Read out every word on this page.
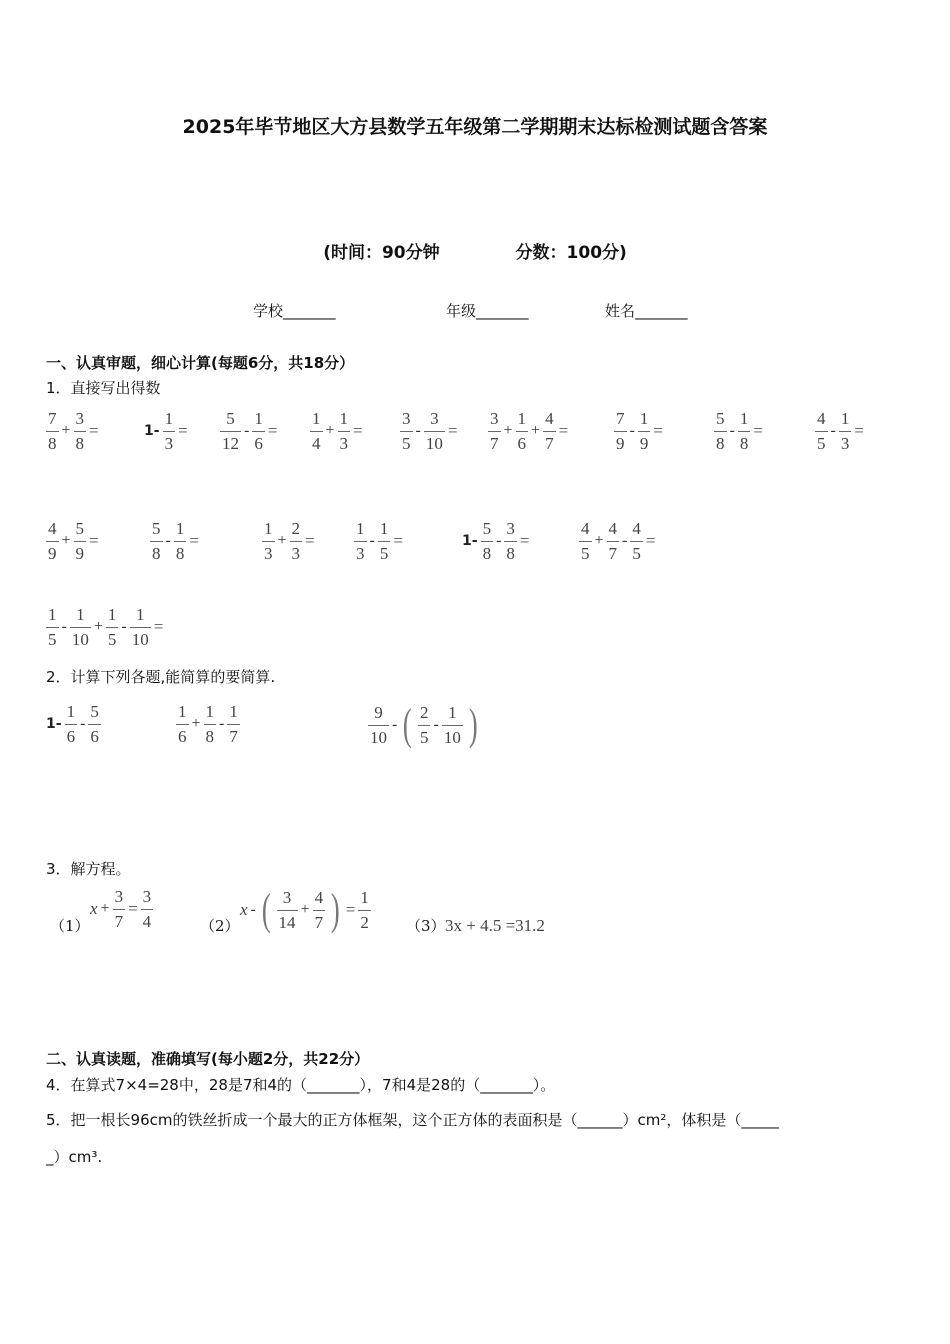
2025年毕节地区大方县数学五年级第二学期期末达标检测试题含答案
(时间：90分钟	分数：100分)
学校_______	年级_______	姓名_______
一、认真审题，细心计算(每题6分，共18分）
1．直接写出得数
$\frac{7}{8} + \frac{3}{8}$ =	$1- \frac{1}{3} = \frac{5}{12} - \frac{1}{6} = \frac{1}{4} + \frac{1}{3} = \frac{3}{5} - \frac{3}{10} = \frac{3}{7} + \frac{1}{6} + \frac{4}{7}$ =	$\frac{7}{9} - \frac{1}{9}$ =	$\frac{5}{8} - \frac{1}{8}$ =	$\frac{4}{5} - \frac{1}{3}$ =
$\frac{4}{9} + \frac{5}{9}$ =	$\frac{5}{8} - \frac{1}{8}$ =	$\frac{1}{3} + \frac{2}{3} = \frac{1}{3} - \frac{1}{5}$ =	$1- \frac{5}{8} - \frac{3}{8}$ =	$\frac{4}{5} + \frac{4}{7} - \frac{4}{5}$ =
$\frac{1}{5} - \frac{1}{10} + \frac{1}{5} - \frac{1}{10}$ =
2．计算下列各题,能简算的要简算.
$1- \frac{1}{6} - \frac{5}{6}$	$\frac{1}{6} + \frac{1}{8} - \frac{1}{7}$	$\frac{9}{10}$ - ( $\frac{2}{5} - \frac{1}{10}$ )
3．解方程。
（1）
$x + \frac{3}{7} = \frac{3}{4}$	（2）
x - ( $\frac{3}{14} + \frac{4}{7}$ ) = $\frac{1}{2} (3) 3x + 4.5 =31.2$
二、认真读题，准确填写(每小题2分，共22分）
4．在算式7×4=28中，28是7和4的（_______），7和4是28的（_______）。
5．把一根长96cm的铁丝折成一个最大的正方体框架，这个正方体的表面积是（______）cm²，体积是（_____
_）cm³.
